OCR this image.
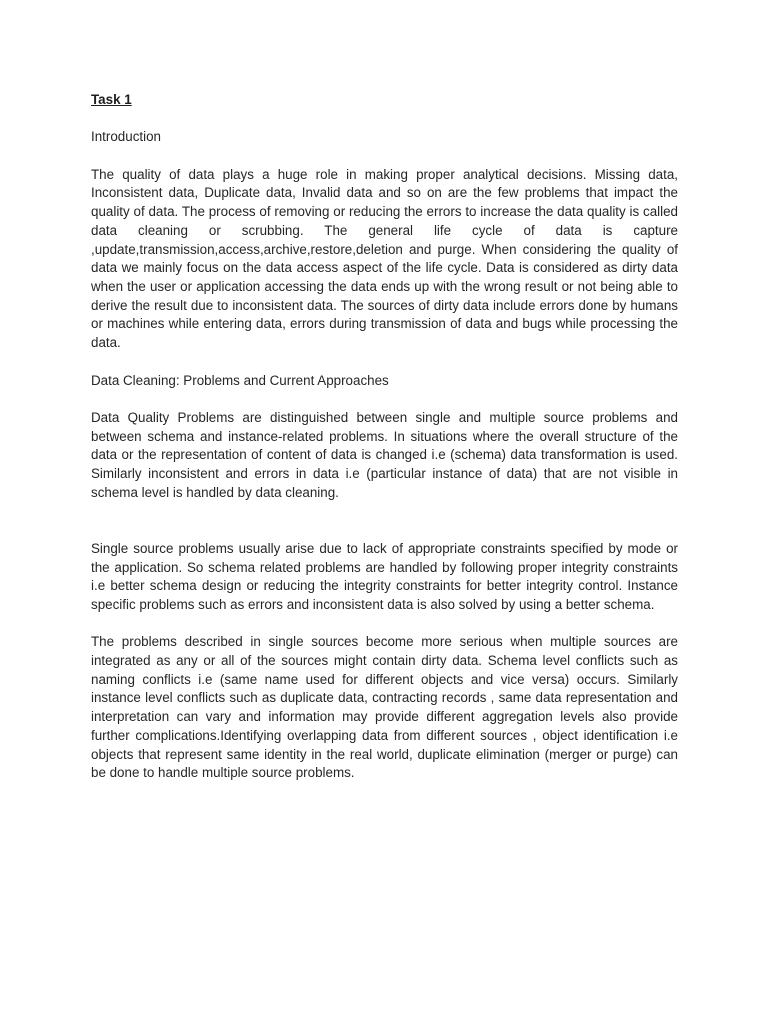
Task 1

Introduction

The quality of data plays a huge role in making proper analytical decisions. Missing data, Inconsistent data, Duplicate data, Invalid data and so on are the few problems that impact the quality of data. The process of removing or reducing the errors to increase the data quality is called data cleaning or scrubbing. The general life cycle of data is capture ,update,transmission,access,archive,restore,deletion and purge. When considering the quality of data we mainly focus on the data access aspect of the life cycle. Data is considered as dirty data when the user or application accessing the data ends up with the wrong result or not being able to derive the result due to inconsistent data. The sources of dirty data include errors done by humans or machines while entering data, errors during transmission of data and bugs while processing the data.

Data Cleaning: Problems and Current Approaches

Data Quality Problems are distinguished between single and multiple source problems and between schema and instance-related problems. In situations where the overall structure of the data or the representation of content of data is changed i.e (schema) data transformation is used. Similarly inconsistent and errors in data i.e (particular instance of data) that are not visible in schema level is handled by data cleaning.

Single source problems usually arise due to lack of appropriate constraints specified by mode or the application. So schema related problems are handled by following proper integrity constraints i.e better schema design or reducing the integrity constraints for better integrity control. Instance specific problems such as errors and inconsistent data is also solved by using a better schema.

The problems described in single sources become more serious when multiple sources are integrated as any or all of the sources might contain dirty data. Schema level conflicts such as naming conflicts i.e (same name used for different objects and vice versa) occurs. Similarly instance level conflicts such as duplicate data, contracting records , same data representation and interpretation can vary and information may provide different aggregation levels also provide further complications.Identifying overlapping data from different sources , object identification i.e objects that represent same identity in the real world, duplicate elimination (merger or purge) can be done to handle multiple source problems.
